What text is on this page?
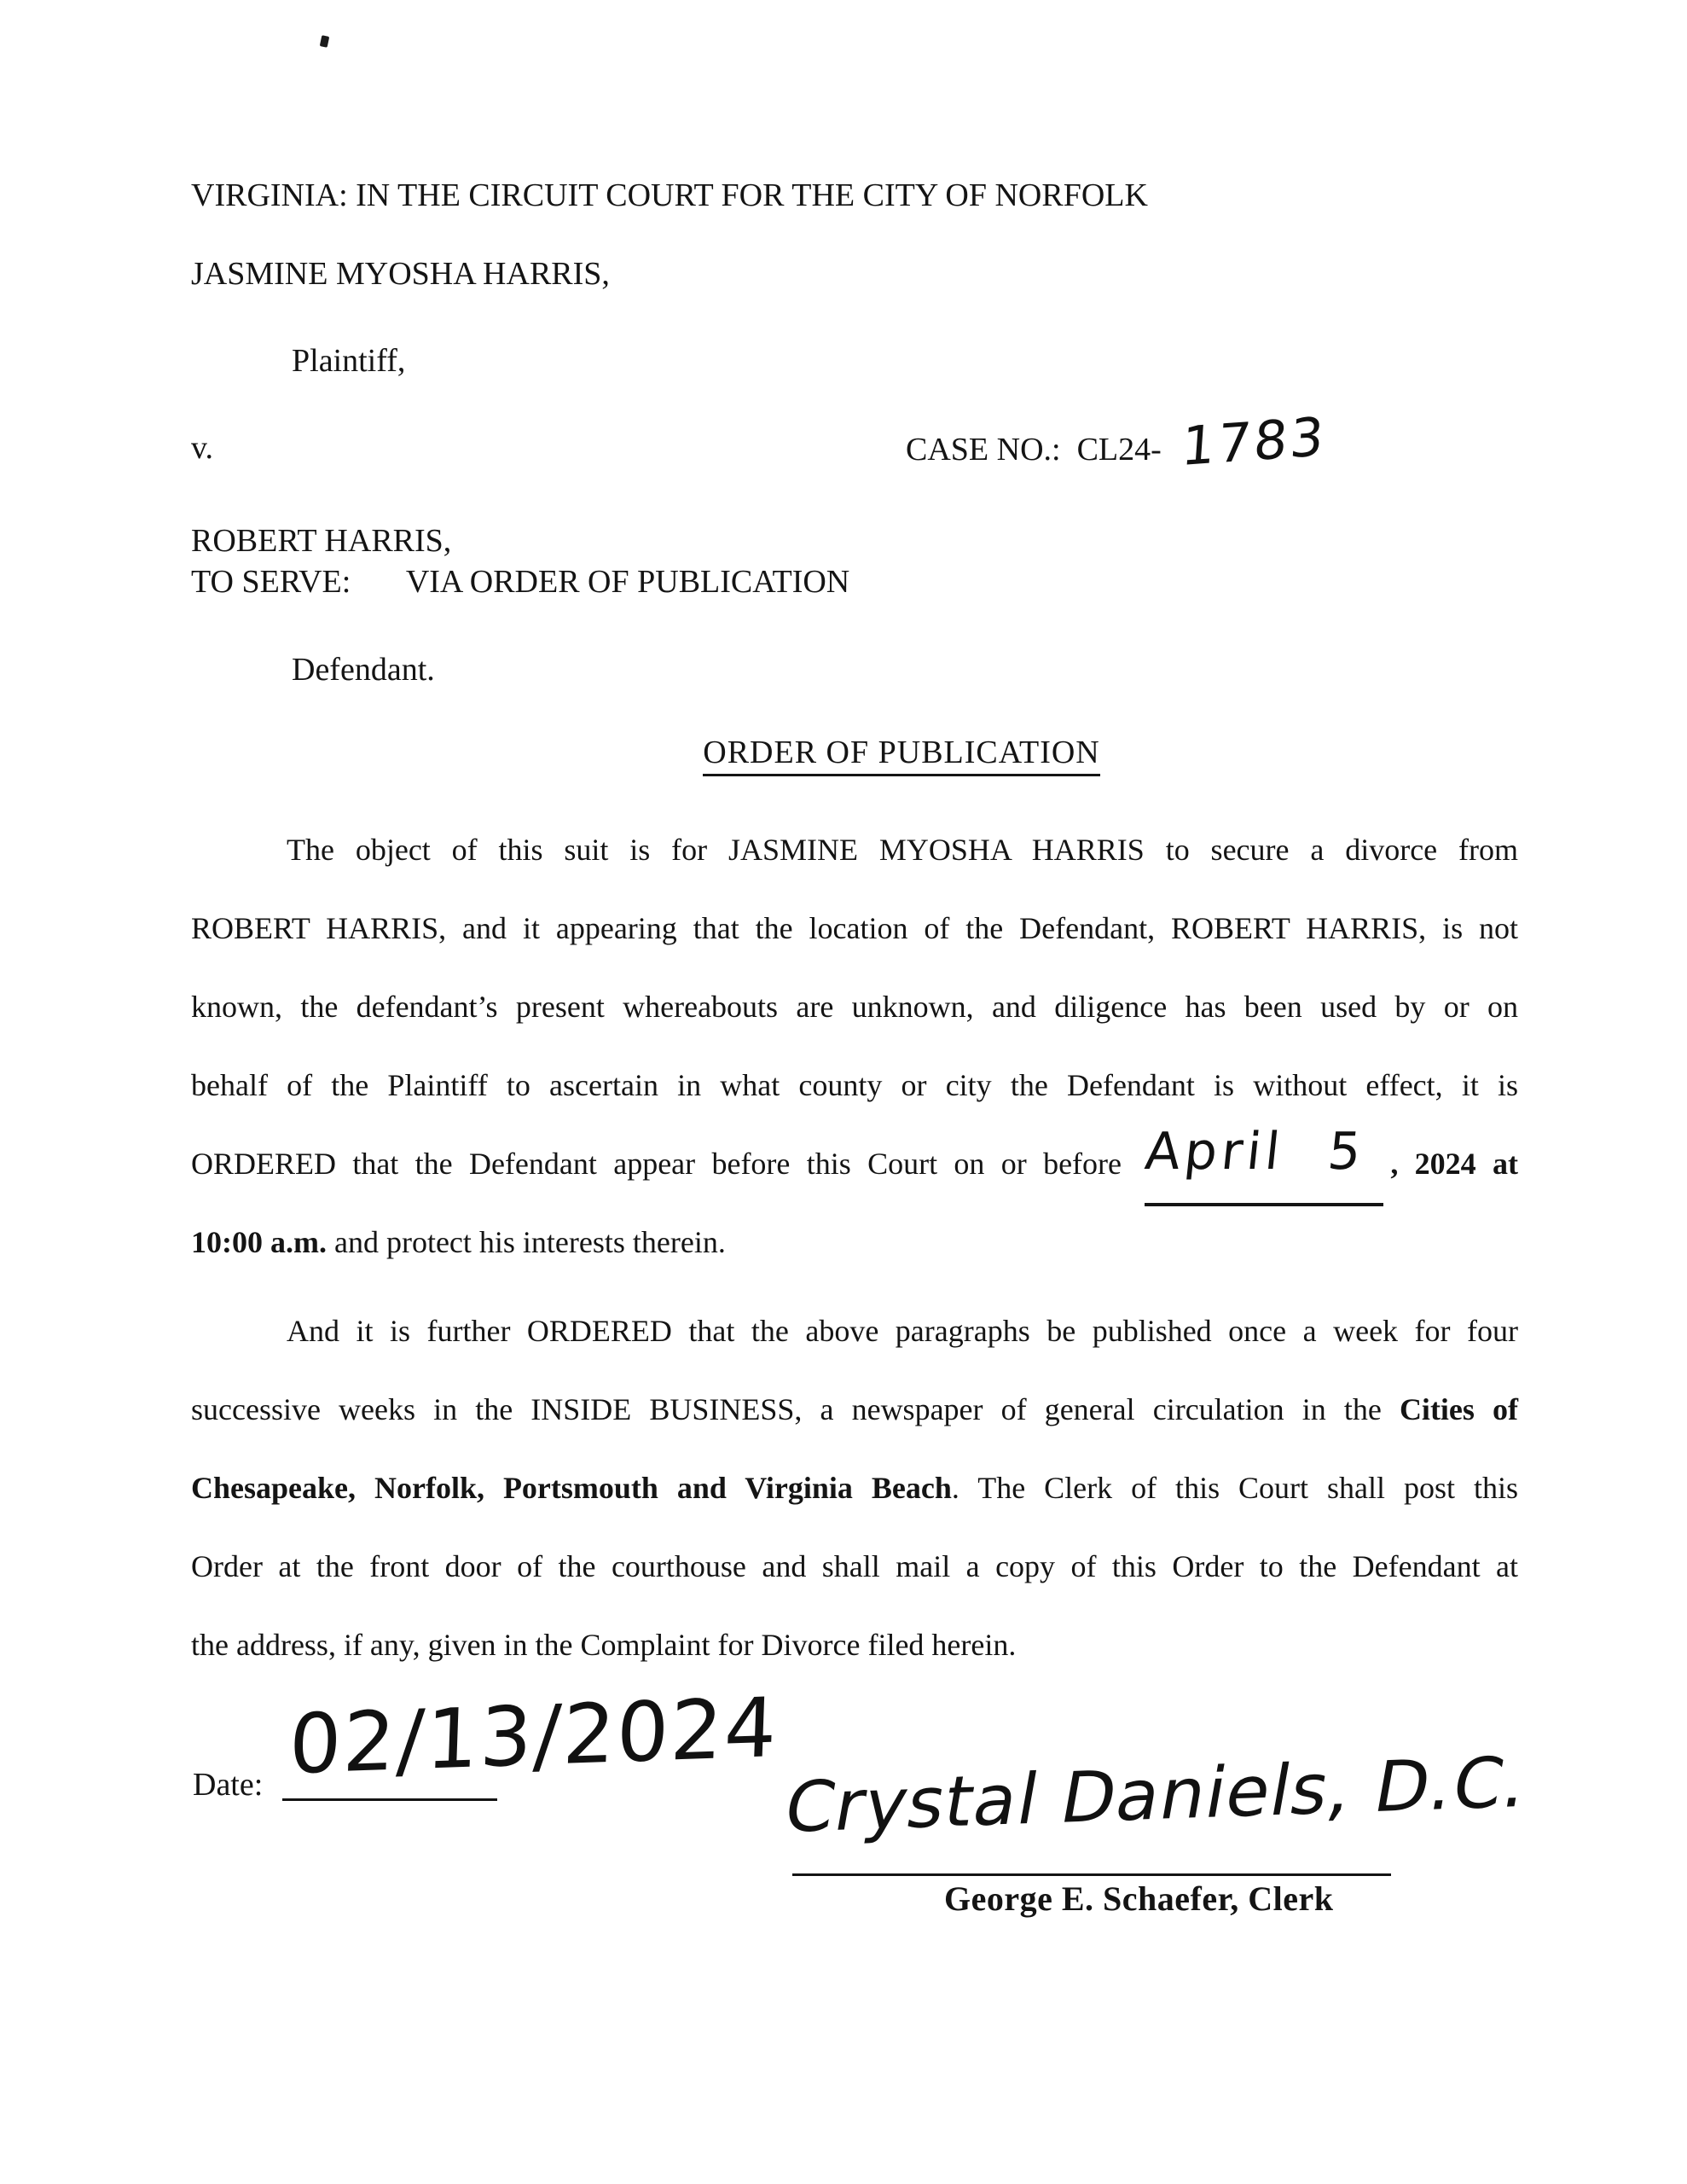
VIRGINIA: IN THE CIRCUIT COURT FOR THE CITY OF NORFOLK
JASMINE MYOSHA HARRIS,
Plaintiff,
v.	CASE NO.:  CL24- 1783
ROBERT HARRIS,
TO SERVE: VIA ORDER OF PUBLICATION
Defendant.
ORDER OF PUBLICATION
The object of this suit is for JASMINE MYOSHA HARRIS to secure a divorce from
ROBERT HARRIS, and it appearing that the location of the Defendant, ROBERT HARRIS, is not
known, the defendant’s present whereabouts are unknown, and diligence has been used by or on
behalf of the Plaintiff to ascertain in what county or city the Defendant is without effect, it is
ORDERED that the Defendant appear before this Court on or before April 5 , 2024 at
10:00 a.m. and protect his interests therein.
And it is further ORDERED that the above paragraphs be published once a week for four
successive weeks in the INSIDE BUSINESS, a newspaper of general circulation in the Cities of
Chesapeake, Norfolk, Portsmouth and Virginia Beach. The Clerk of this Court shall post this
Order at the front door of the courthouse and shall mail a copy of this Order to the Defendant at
the address, if any, given in the Complaint for Divorce filed herein.
Date: 02/13/2024
Crystal Daniels, D.C.
George E. Schaefer, Clerk
